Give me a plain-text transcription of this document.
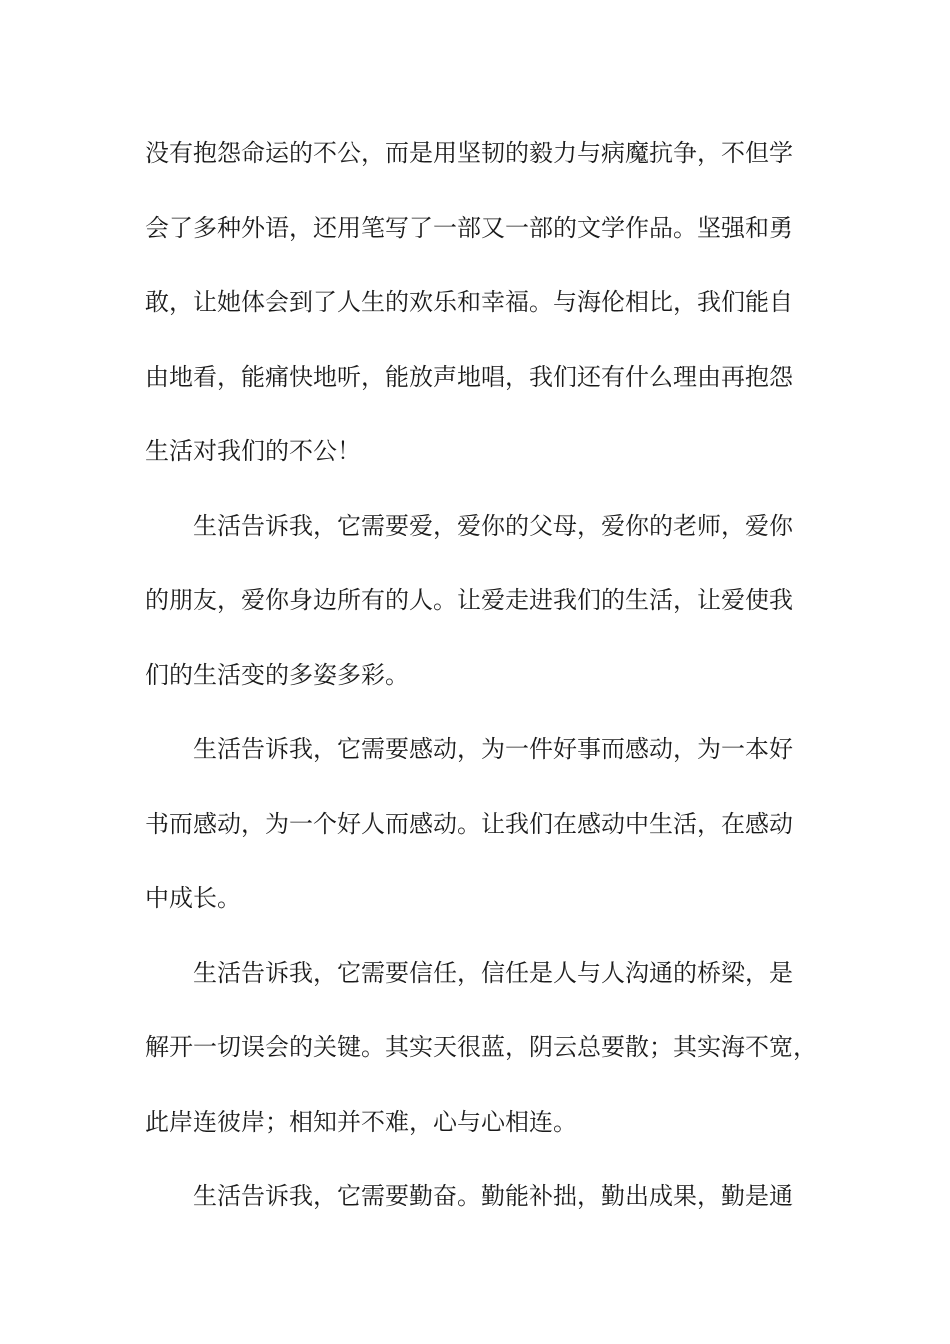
没有抱怨命运的不公，而是用坚韧的毅力与病魔抗争，不但学
会了多种外语，还用笔写了一部又一部的文学作品。坚强和勇
敢，让她体会到了人生的欢乐和幸福。与海伦相比，我们能自
由地看，能痛快地听，能放声地唱，我们还有什么理由再抱怨
生活对我们的不公！
生活告诉我，它需要爱，爱你的父母，爱你的老师，爱你
的朋友，爱你身边所有的人。让爱走进我们的生活，让爱使我
们的生活变的多姿多彩。
生活告诉我，它需要感动，为一件好事而感动，为一本好
书而感动，为一个好人而感动。让我们在感动中生活，在感动
中成长。
生活告诉我，它需要信任，信任是人与人沟通的桥梁，是
解开一切误会的关键。其实天很蓝，阴云总要散；其实海不宽，
此岸连彼岸；相知并不难，心与心相连。
生活告诉我，它需要勤奋。勤能补拙，勤出成果，勤是通
